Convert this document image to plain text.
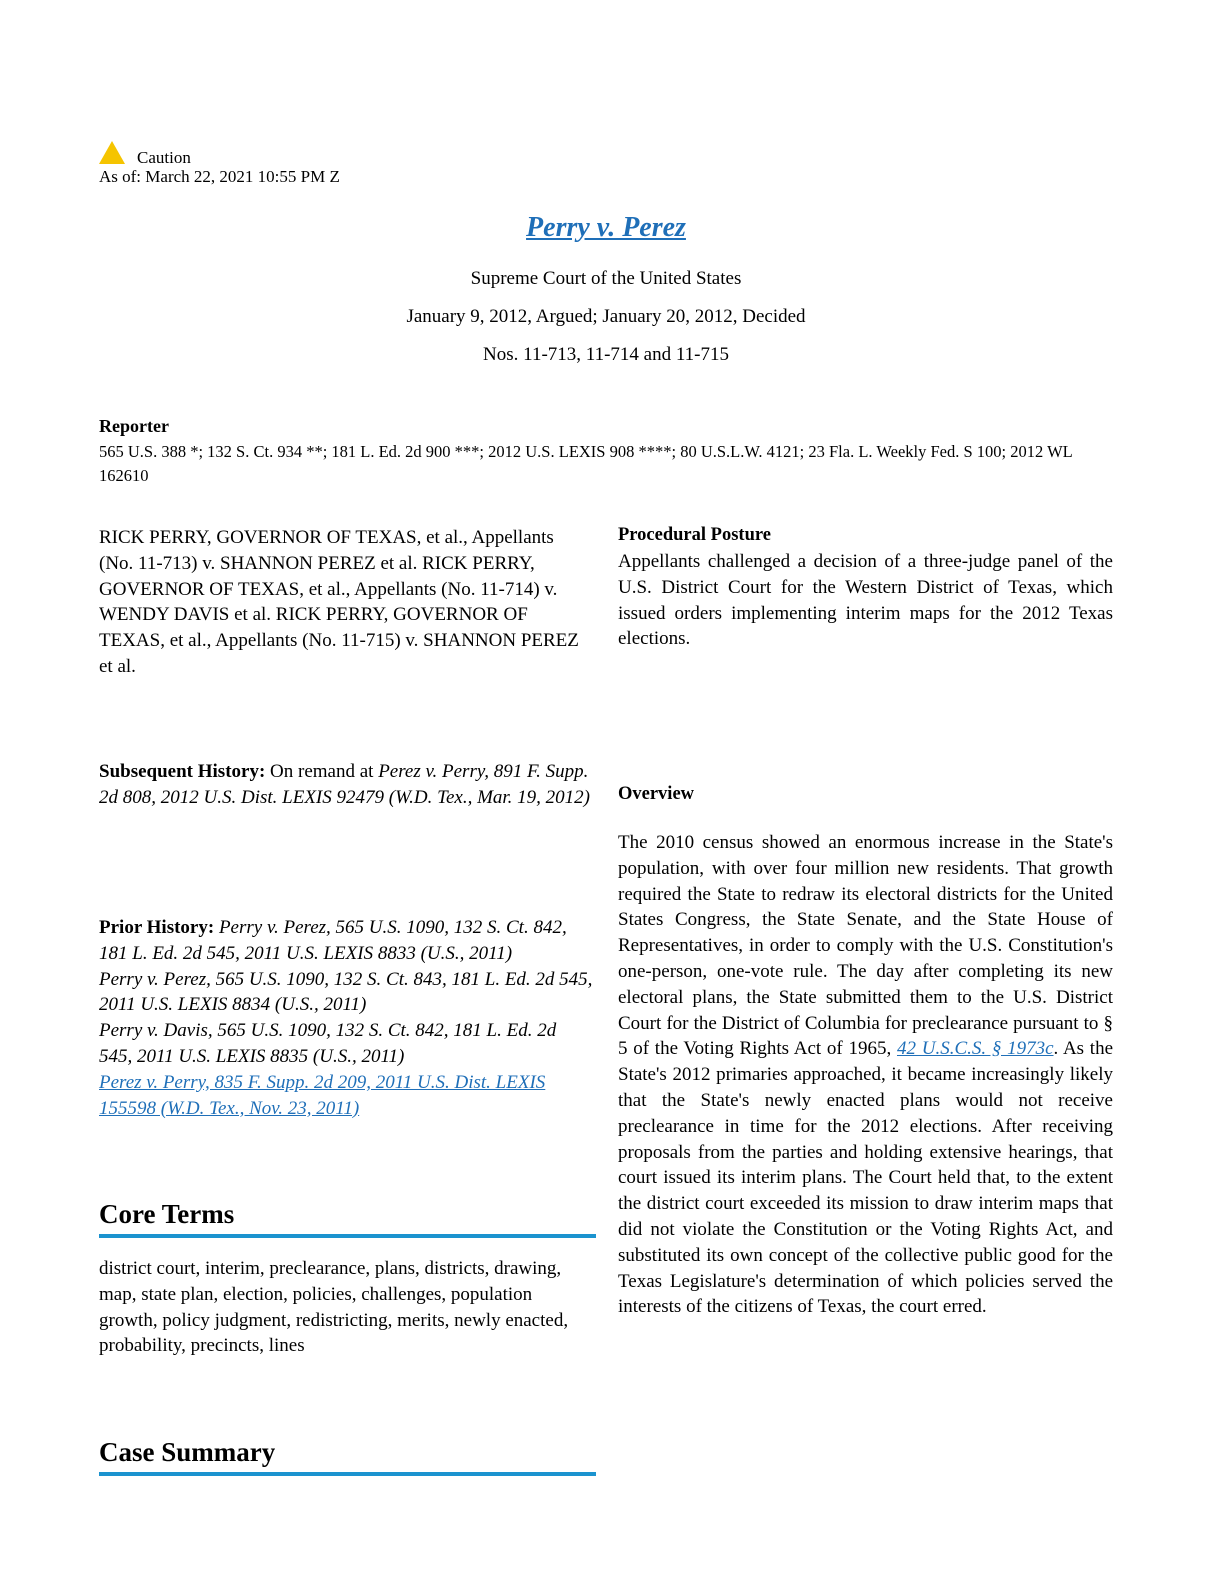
Caution
As of: March 22, 2021 10:55 PM Z
Perry v. Perez
Supreme Court of the United States
January 9, 2012, Argued; January 20, 2012, Decided
Nos. 11-713, 11-714 and 11-715
Reporter
565 U.S. 388 *; 132 S. Ct. 934 **; 181 L. Ed. 2d 900 ***; 2012 U.S. LEXIS 908 ****; 80 U.S.L.W. 4121; 23 Fla. L. Weekly Fed. S 100; 2012 WL 162610
RICK PERRY, GOVERNOR OF TEXAS, et al., Appellants (No. 11-713) v. SHANNON PEREZ et al. RICK PERRY, GOVERNOR OF TEXAS, et al., Appellants (No. 11-714) v. WENDY DAVIS et al. RICK PERRY, GOVERNOR OF TEXAS, et al., Appellants (No. 11-715) v. SHANNON PEREZ et al.
Subsequent History: On remand at Perez v. Perry, 891 F. Supp. 2d 808, 2012 U.S. Dist. LEXIS 92479 (W.D. Tex., Mar. 19, 2012)
Prior History: Perry v. Perez, 565 U.S. 1090, 132 S. Ct. 842, 181 L. Ed. 2d 545, 2011 U.S. LEXIS 8833 (U.S., 2011)
Perry v. Perez, 565 U.S. 1090, 132 S. Ct. 843, 181 L. Ed. 2d 545, 2011 U.S. LEXIS 8834 (U.S., 2011)
Perry v. Davis, 565 U.S. 1090, 132 S. Ct. 842, 181 L. Ed. 2d 545, 2011 U.S. LEXIS 8835 (U.S., 2011)
Perez v. Perry, 835 F. Supp. 2d 209, 2011 U.S. Dist. LEXIS 155598 (W.D. Tex., Nov. 23, 2011)
Core Terms
district court, interim, preclearance, plans, districts, drawing, map, state plan, election, policies, challenges, population growth, policy judgment, redistricting, merits, newly enacted, probability, precincts, lines
Case Summary
Procedural Posture
Appellants challenged a decision of a three-judge panel of the U.S. District Court for the Western District of Texas, which issued orders implementing interim maps for the 2012 Texas elections.
Overview
The 2010 census showed an enormous increase in the State's population, with over four million new residents. That growth required the State to redraw its electoral districts for the United States Congress, the State Senate, and the State House of Representatives, in order to comply with the U.S. Constitution's one-person, one-vote rule. The day after completing its new electoral plans, the State submitted them to the U.S. District Court for the District of Columbia for preclearance pursuant to § 5 of the Voting Rights Act of 1965, 42 U.S.C.S. § 1973c. As the State's 2012 primaries approached, it became increasingly likely that the State's newly enacted plans would not receive preclearance in time for the 2012 elections. After receiving proposals from the parties and holding extensive hearings, that court issued its interim plans. The Court held that, to the extent the district court exceeded its mission to draw interim maps that did not violate the Constitution or the Voting Rights Act, and substituted its own concept of the collective public good for the Texas Legislature's determination of which policies served the interests of the citizens of Texas, the court erred.
